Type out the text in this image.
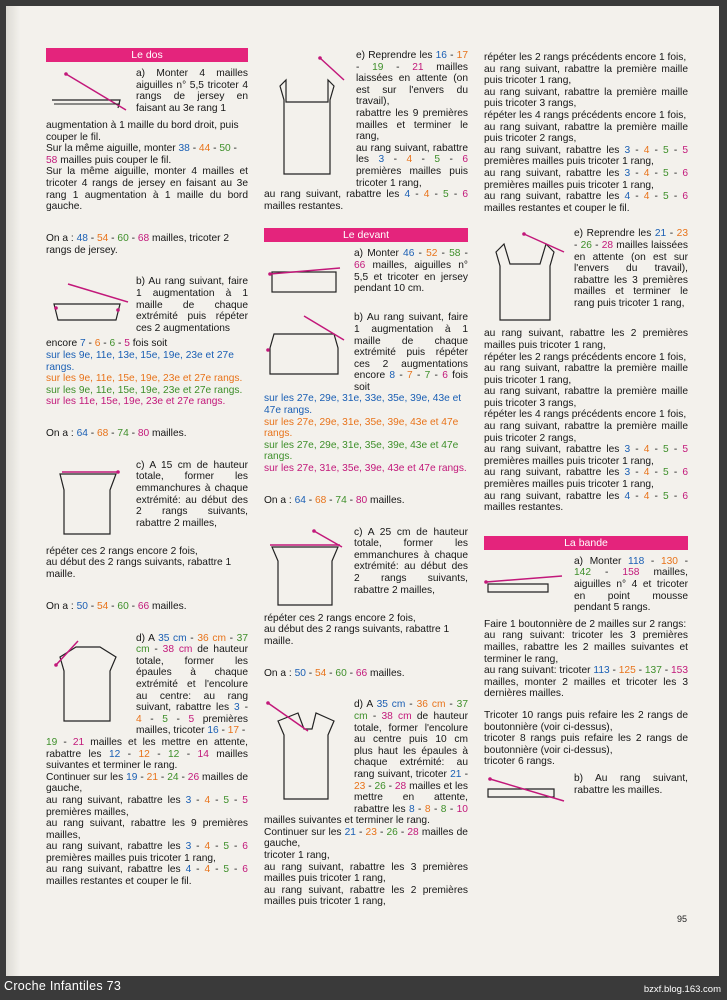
Le dos

a) Monter 4 mailles aiguilles n° 5,5 tricoter 4 rangs de jersey en faisant au 3e rang 1

augmentation à 1 maille du bord droit, puis couper le fil.

Sur la même aiguille, monter 38 - 44 - 50 - 58 mailles puis couper le fil.

Sur la même aiguille, monter 4 mailles et tricoter 4 rangs de jersey en faisant au 3e rang 1 augmentation à 1 maille du bord gauche.

On a : 48 - 54 - 60 - 68 mailles, tricoter 2 rangs de jersey.

b) Au rang suivant, faire 1 augmentation à 1 maille de chaque extrémité puis répéter ces 2 augmentations

encore 7 - 6 - 6 - 5 fois soit

sur les 9e, 11e, 13e, 15e, 19e, 23e et 27e rangs.

sur les 9e, 11e, 15e, 19e, 23e et 27e rangs.

sur les 9e, 11e, 15e, 19e, 23e et 27e rangs.

sur les 11e, 15e, 19e, 23e et 27e rangs.

On a : 64 - 68 - 74 - 80 mailles.

c) A 15 cm de hauteur totale, former les emmanchures à chaque extrémité: au début des 2 rangs suivants, rabattre 2 mailles,

répéter ces 2 rangs encore 2 fois,

au début des 2 rangs suivants, rabattre 1 maille.

On a : 50 - 54 - 60 - 66 mailles.

d) A 35 cm - 36 cm - 37 cm - 38 cm de hauteur totale, former les épaules à chaque extrémité et l'encolure au centre: au rang suivant, rabattre les 3 - 4 - 5 - 5 premières mailles, tricoter 16 - 17 -

19 - 21 mailles et les mettre en attente, rabattre les 12 - 12 - 12 - 14 mailles suivantes et terminer le rang.

Continuer sur les 19 - 21 - 24 - 26 mailles de gauche,

au rang suivant, rabattre les 3 - 4 - 5 - 5 premières mailles,

au rang suivant, rabattre les 9 premières mailles,

au rang suivant, rabattre les 3 - 4 - 5 - 6 premières mailles puis tricoter 1 rang,

au rang suivant, rabattre les 4 - 4 - 5 - 6 mailles restantes et couper le fil.

e) Reprendre les 16 - 17 - 19 - 21 mailles laissées en attente (on est sur l'envers du travail),

rabattre les 9 premières mailles et terminer le rang,

au rang suivant, rabattre les 3 - 4 - 5 - 6 premières mailles puis tricoter 1 rang,

au rang suivant, rabattre les 4 - 4 - 5 - 6 mailles restantes.

Le devant

a) Monter 46 - 52 - 58 - 66 mailles, aiguilles n° 5,5 et tricoter en jersey pendant 10 cm.

b) Au rang suivant, faire 1 augmentation à 1 maille de chaque extrémité puis répéter ces 2 augmentations encore 8 - 7 - 7 - 6 fois soit

sur les 27e, 29e, 31e, 33e, 35e, 39e, 43e et 47e rangs.

sur les 27e, 29e, 31e, 35e, 39e, 43e et 47e rangs.

sur les 27e, 29e, 31e, 35e, 39e, 43e et 47e rangs.

sur les 27e, 31e, 35e, 39e, 43e et 47e rangs.

On a : 64 - 68 - 74 - 80 mailles.

c) A 25 cm de hauteur totale, former les emmanchures à chaque extrémité: au début des 2 rangs suivants, rabattre 2 mailles,

répéter ces 2 rangs encore 2 fois,

au début des 2 rangs suivants, rabattre 1 maille.

On a : 50 - 54 - 60 - 66 mailles.

d) A 35 cm - 36 cm - 37 cm - 38 cm de hauteur totale, former l'encolure au centre puis 10 cm plus haut les épaules à chaque extrémité: au rang suivant, tricoter 21 - 23 - 26 - 28 mailles et les mettre en attente, rabattre les 8 - 8 - 8 - 10 mailles suivantes et terminer le rang.

Continuer sur les 21 - 23 - 26 - 28 mailles de gauche,

tricoter 1 rang,

au rang suivant, rabattre les 3 premières mailles puis tricoter 1 rang,

au rang suivant, rabattre les 2 premières mailles puis tricoter 1 rang,

répéter les 2 rangs précédents encore 1 fois,

au rang suivant, rabattre la première maille puis tricoter 1 rang,

au rang suivant, rabattre la première maille puis tricoter 3 rangs,

répéter les 4 rangs précédents encore 1 fois,

au rang suivant, rabattre la première maille puis tricoter 2 rangs,

au rang suivant, rabattre les 3 - 4 - 5 - 5 premières mailles puis tricoter 1 rang,

au rang suivant, rabattre les 3 - 4 - 5 - 6 premières mailles puis tricoter 1 rang,

au rang suivant, rabattre les 4 - 4 - 5 - 6 mailles restantes et couper le fil.

e) Reprendre les 21 - 23 - 26 - 28 mailles laissées en attente (on est sur l'envers du travail), rabattre les 3 premières mailles et terminer le rang puis tricoter 1 rang,

au rang suivant, rabattre les 2 premières mailles puis tricoter 1 rang,

répéter les 2 rangs précédents encore 1 fois,

au rang suivant, rabattre la première maille puis tricoter 1 rang,

au rang suivant, rabattre la première maille puis tricoter 3 rangs,

répéter les 4 rangs précédents encore 1 fois,

au rang suivant, rabattre la première maille puis tricoter 2 rangs,

au rang suivant, rabattre les 3 - 4 - 5 - 5 premières mailles puis tricoter 1 rang,

au rang suivant, rabattre les 3 - 4 - 5 - 6 premières mailles puis tricoter 1 rang,

au rang suivant, rabattre les 4 - 4 - 5 - 6 mailles restantes.

La bande

a) Monter 118 - 130 - 142 - 158 mailles, aiguilles n° 4 et tricoter en point mousse pendant 5 rangs.

Faire 1 boutonnière de 2 mailles sur 2 rangs:

au rang suivant: tricoter les 3 premières mailles, rabattre les 2 mailles suivantes et terminer le rang,

au rang suivant: tricoter 113 - 125 - 137 - 153 mailles, monter 2 mailles et tricoter les 3 dernières mailles.

Tricoter 10 rangs puis refaire les 2 rangs de boutonnière (voir ci-dessus),

tricoter 8 rangs puis refaire les 2 rangs de boutonnière (voir ci-dessus),

tricoter 6 rangs.

b) Au rang suivant, rabattre les mailles.

95
Croche Infantiles 73	bzxf.blog.163.com
